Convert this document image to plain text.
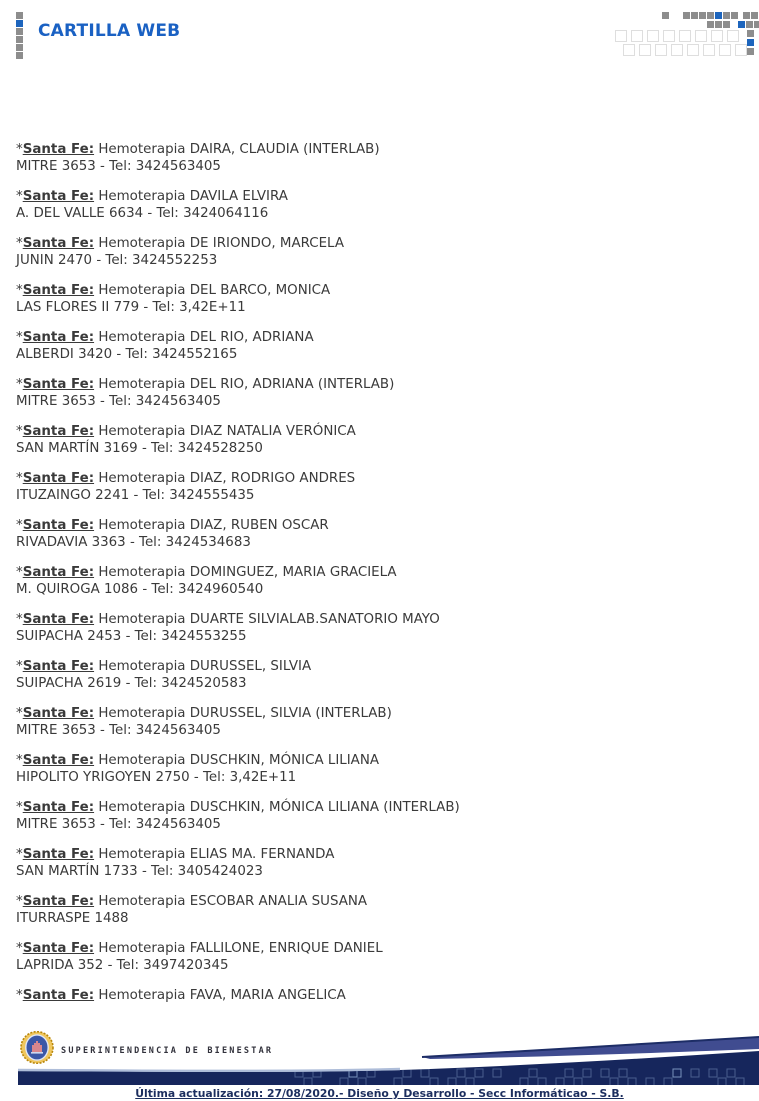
CARTILLA WEB
*Santa Fe: Hemoterapia DAIRA, CLAUDIA (INTERLAB)
MITRE 3653 - Tel: 3424563405
*Santa Fe: Hemoterapia DAVILA ELVIRA
A. DEL VALLE 6634 - Tel: 3424064116
*Santa Fe: Hemoterapia DE IRIONDO, MARCELA
JUNIN 2470 - Tel: 3424552253
*Santa Fe: Hemoterapia DEL BARCO, MONICA
LAS FLORES II 779 - Tel: 3,42E+11
*Santa Fe: Hemoterapia DEL RIO, ADRIANA
ALBERDI 3420 - Tel: 3424552165
*Santa Fe: Hemoterapia DEL RIO, ADRIANA (INTERLAB)
MITRE 3653 - Tel: 3424563405
*Santa Fe: Hemoterapia DIAZ NATALIA VERÓNICA
SAN MARTÍN 3169 - Tel: 3424528250
*Santa Fe: Hemoterapia DIAZ, RODRIGO ANDRES
ITUZAINGO 2241 - Tel: 3424555435
*Santa Fe: Hemoterapia DIAZ, RUBEN OSCAR
RIVADAVIA 3363 - Tel: 3424534683
*Santa Fe: Hemoterapia DOMINGUEZ, MARIA GRACIELA
M. QUIROGA 1086 - Tel: 3424960540
*Santa Fe: Hemoterapia DUARTE SILVIALAB.SANATORIO MAYO
SUIPACHA 2453 - Tel: 3424553255
*Santa Fe: Hemoterapia DURUSSEL, SILVIA
SUIPACHA 2619 - Tel: 3424520583
*Santa Fe: Hemoterapia DURUSSEL, SILVIA (INTERLAB)
MITRE 3653 - Tel: 3424563405
*Santa Fe: Hemoterapia DUSCHKIN, MÓNICA LILIANA
HIPOLITO YRIGOYEN 2750 - Tel: 3,42E+11
*Santa Fe: Hemoterapia DUSCHKIN, MÓNICA LILIANA (INTERLAB)
MITRE 3653 - Tel: 3424563405
*Santa Fe: Hemoterapia ELIAS MA. FERNANDA
SAN MARTÍN 1733 - Tel: 3405424023
*Santa Fe: Hemoterapia ESCOBAR ANALIA SUSANA
ITURRASPE 1488
*Santa Fe: Hemoterapia FALLILONE, ENRIQUE DANIEL
LAPRIDA 352 - Tel: 3497420345
*Santa Fe: Hemoterapia FAVA, MARIA ANGELICA
SUPERINTENDENCIA DE BIENESTAR
Última actualización: 27/08/2020.- Diseño y Desarrollo - Secc Informáticao - S.B.
